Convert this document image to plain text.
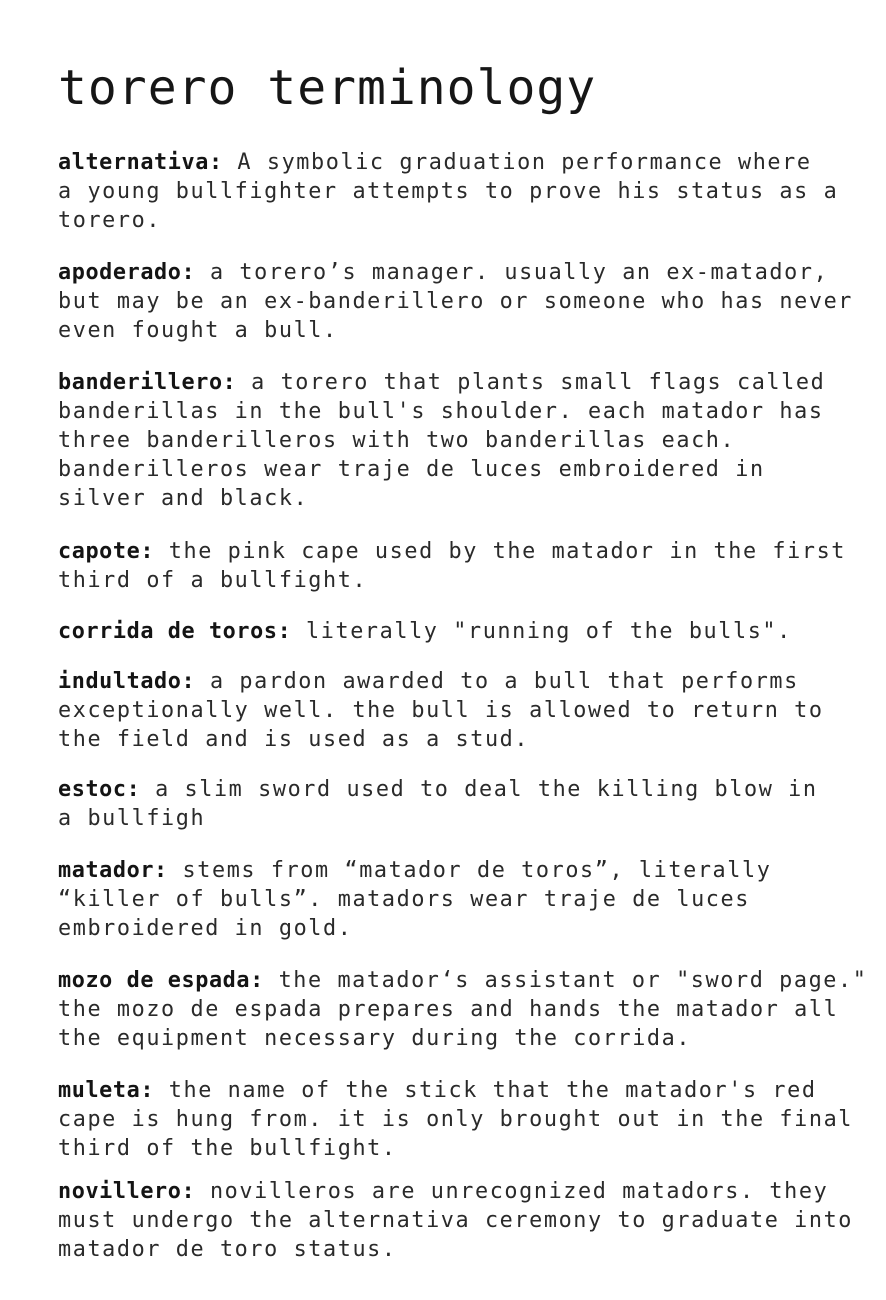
torero terminology

alternativa: A symbolic graduation performance where
a young bullfighter attempts to prove his status as a
torero.

apoderado: a torero’s manager. usually an ex-matador,
but may be an ex-banderillero or someone who has never
even fought a bull.

banderillero: a torero that plants small flags called
banderillas in the bull's shoulder. each matador has
three banderilleros with two banderillas each.
banderilleros wear traje de luces embroidered in
silver and black.

capote: the pink cape used by the matador in the first
third of a bullfight.

corrida de toros: literally "running of the bulls".

indultado: a pardon awarded to a bull that performs
exceptionally well. the bull is allowed to return to
the field and is used as a stud.

estoc: a slim sword used to deal the killing blow in
a bullfigh

matador: stems from “matador de toros”, literally
“killer of bulls”. matadors wear traje de luces
embroidered in gold.

mozo de espada: the matador‘s assistant or "sword page."
the mozo de espada prepares and hands the matador all
the equipment necessary during the corrida.

muleta: the name of the stick that the matador's red
cape is hung from. it is only brought out in the final
third of the bullfight.

novillero: novilleros are unrecognized matadors. they
must undergo the alternativa ceremony to graduate into
matador de toro status.
